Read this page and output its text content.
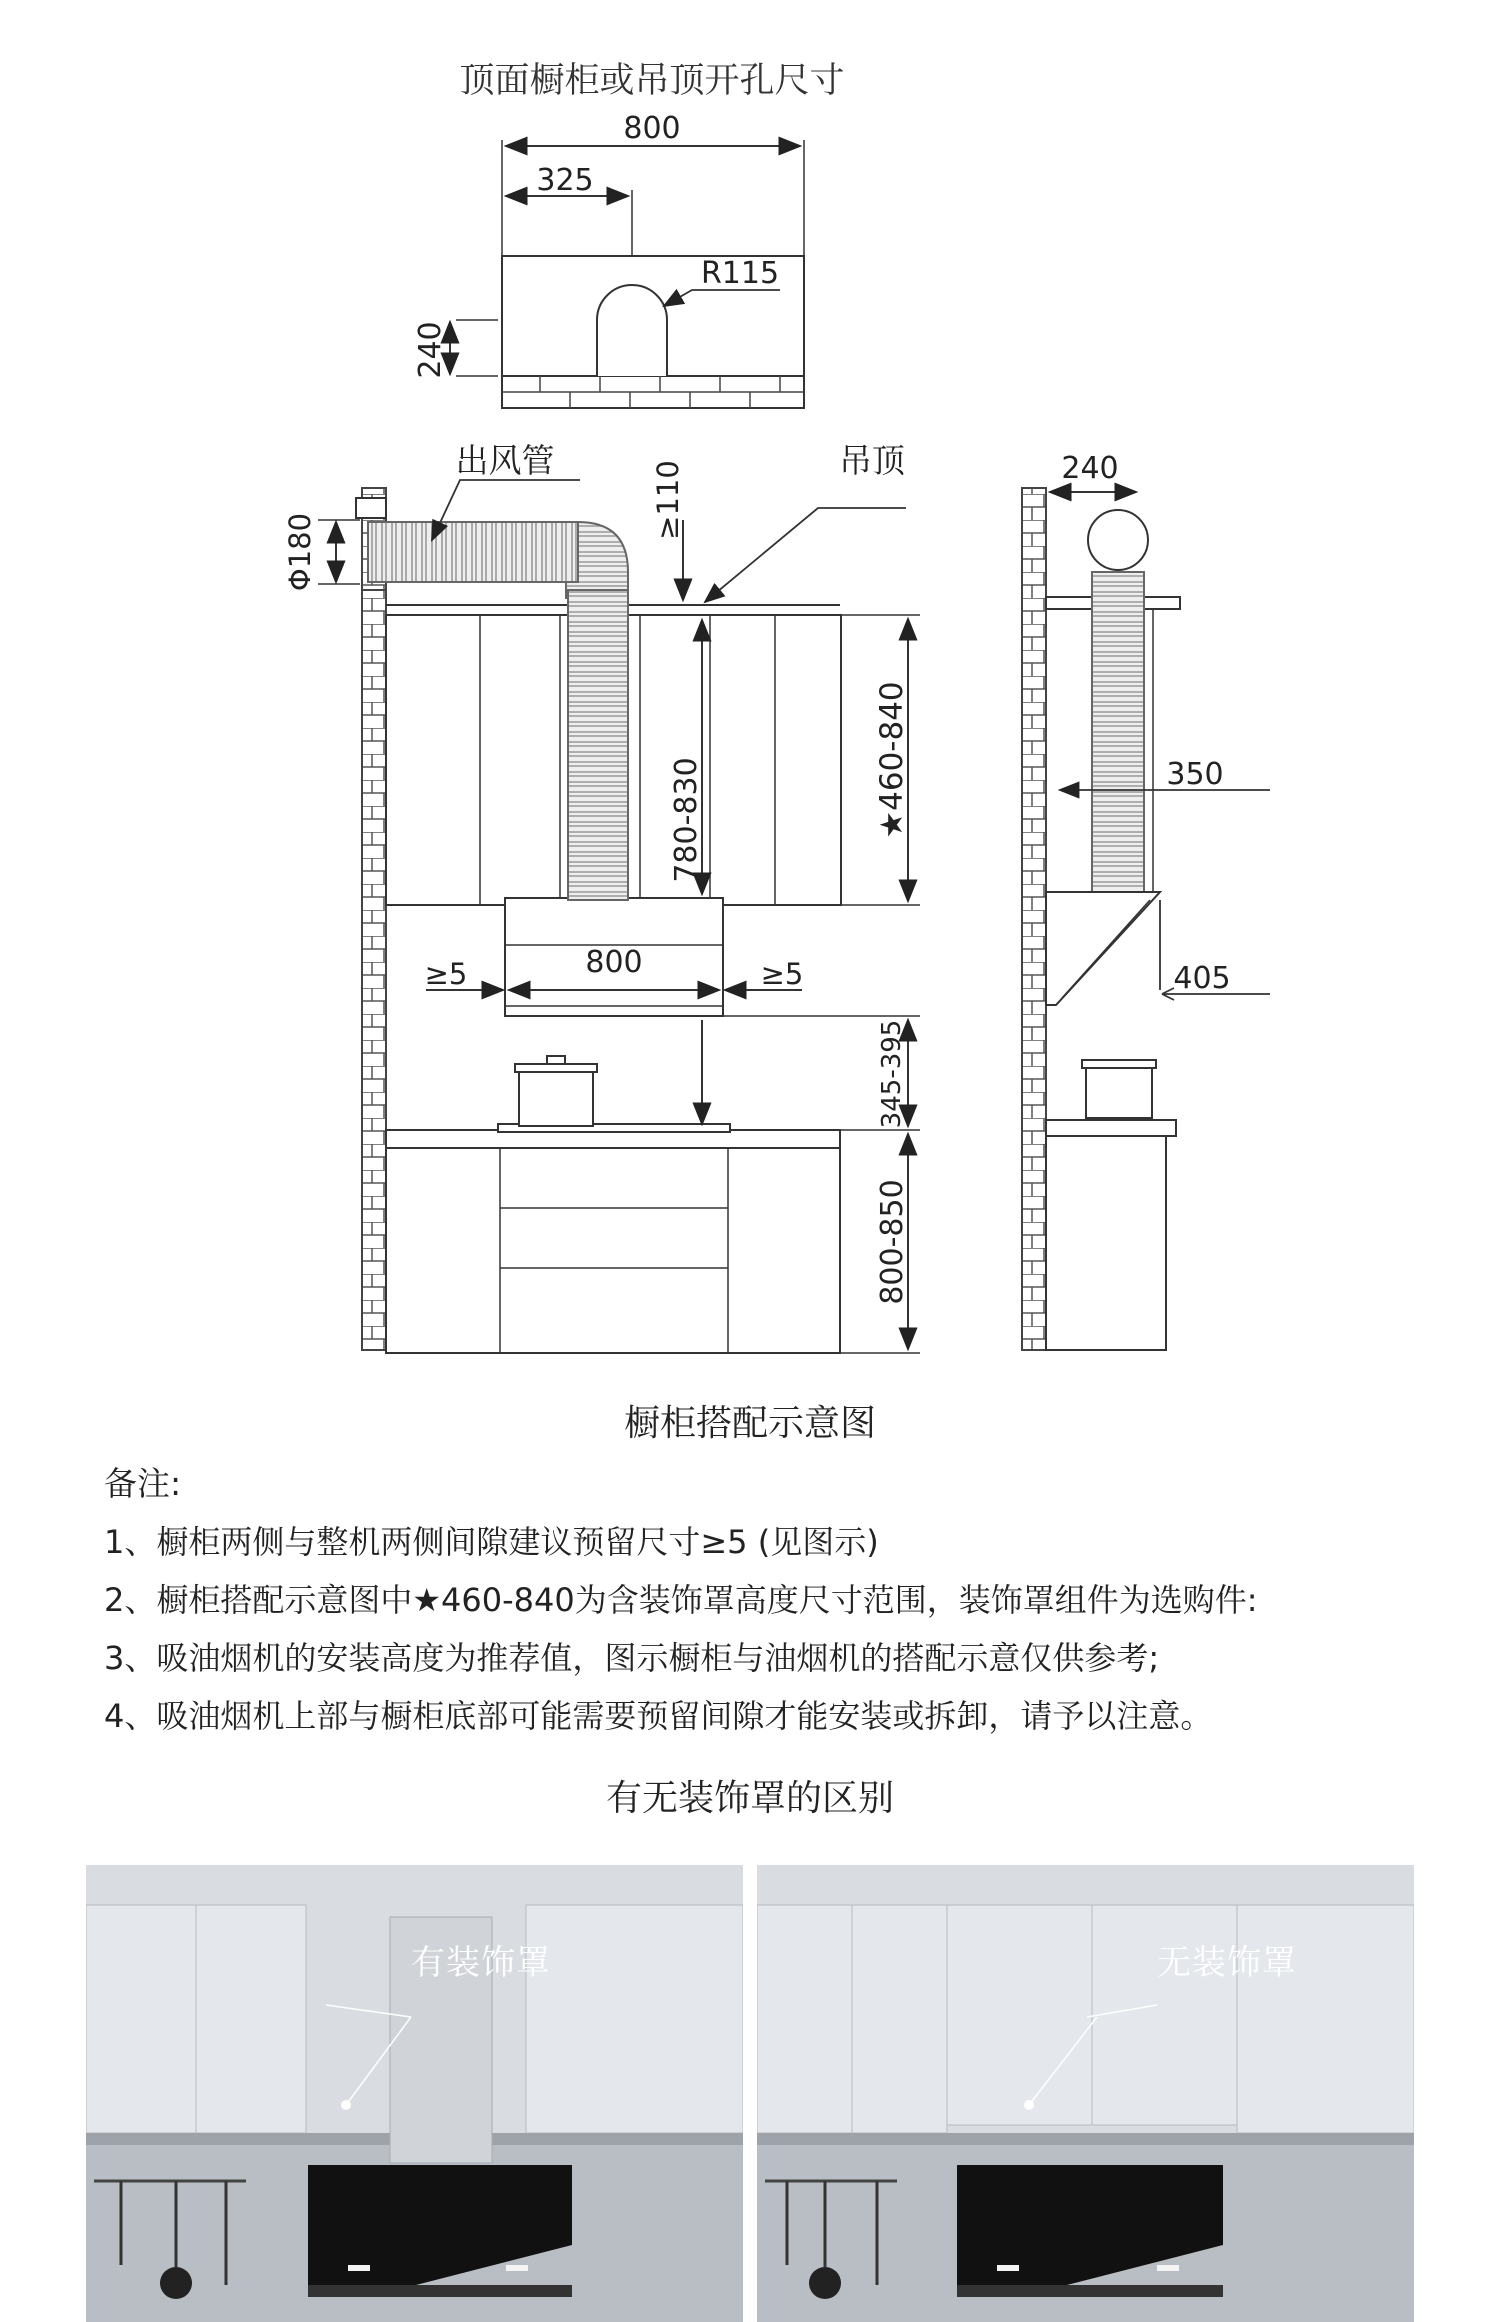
顶面橱柜或吊顶开孔尺寸
800
325
R115
240
出风管	吊顶
Φ180
≥110
★460-840
780-830
800
≥5	≥5
345-395
800-850
240
350
405
橱柜搭配示意图
备注:
1、橱柜两侧与整机两侧间隙建议预留尺寸≥5 (见图示)
2、橱柜搭配示意图中★460-840为含装饰罩高度尺寸范围，装饰罩组件为选购件:
3、吸油烟机的安装高度为推荐值，图示橱柜与油烟机的搭配示意仅供参考;
4、吸油烟机上部与橱柜底部可能需要预留间隙才能安装或拆卸，请予以注意。
有无装饰罩的区别
有装饰罩	无装饰罩
